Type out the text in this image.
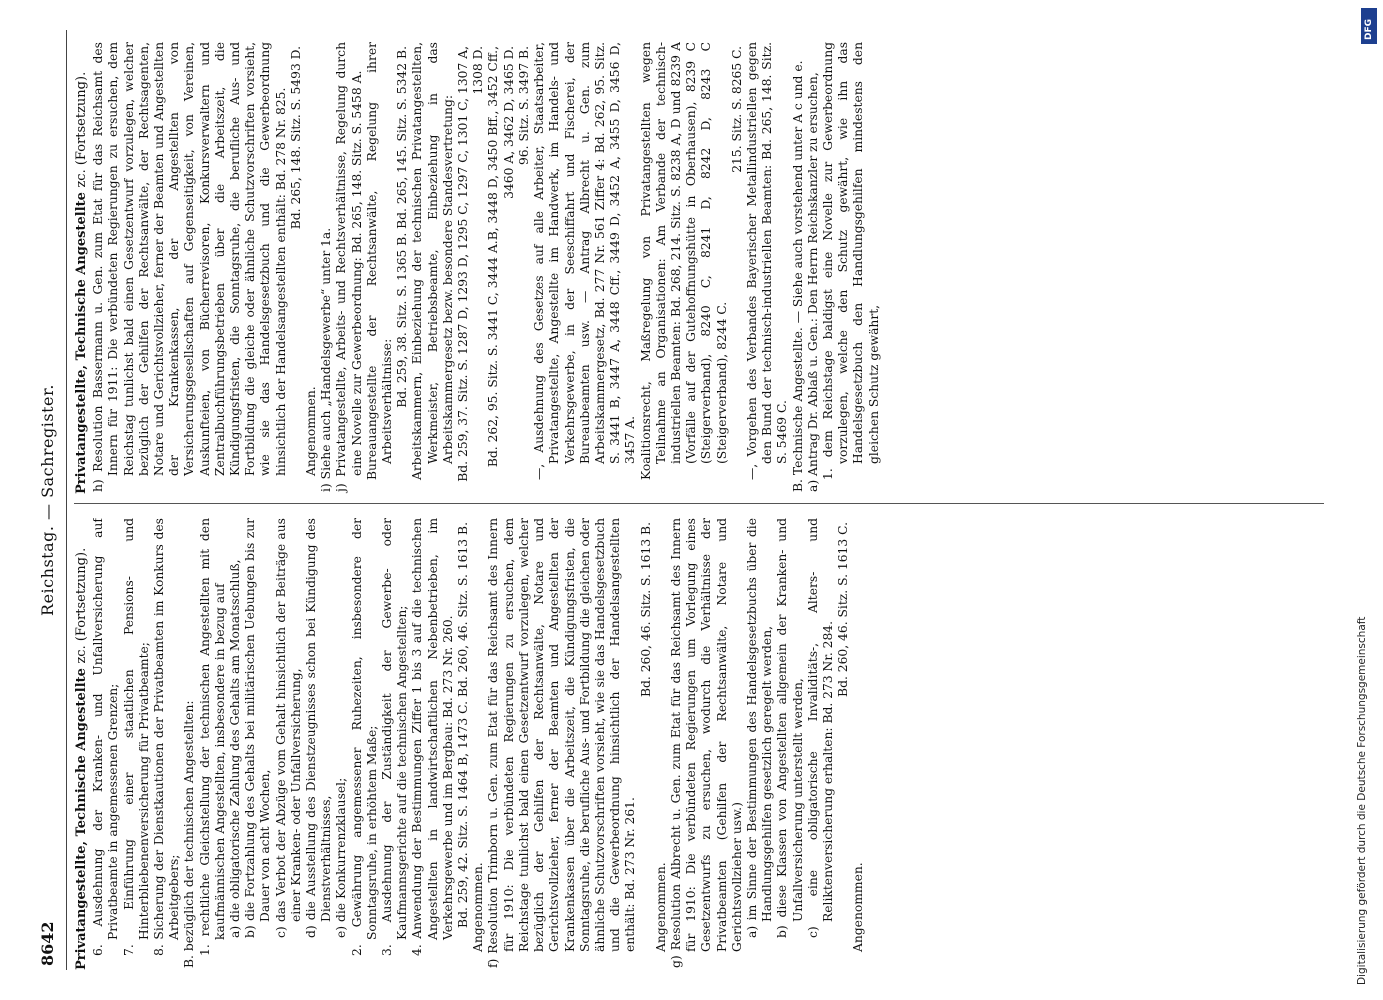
8642
Reichstag. — Sachregister.

Privatangestellte, Technische Angestellte zc. (Fortsetzung). 6. Ausdehnung der Kranken- und Unfallversicherung auf Privatbeamte in angemessenen Grenzen; 7. Einführung einer staatlichen Pensions- und Hinterbliebenenversicherung für Privatbeamte; 8. Sicherung der Dienstkautionen der Privatbeamten im Konkurs des Arbeitgebers; B. bezüglich der technischen Angestellten: 1. rechtliche Gleichstellung der technischen Angestellten mit den kaufmännischen Angestellten, insbesondere in bezug auf a) die obligatorische Zahlung des Gehalts am Monatsschluß, b) die Fortzahlung des Gehalts bei militärischen Uebungen bis zur Dauer von acht Wochen, c) das Verbot der Abzüge vom Gehalt hinsichtlich der Beiträge aus einer Kranken- oder Unfallversicherung, d) die Ausstellung des Dienstzeugnisses schon bei Kündigung des Dienstverhältnisses, e) die Konkurrenzklausel; 2. Gewährung angemessener Ruhezeiten, insbesondere der Sonntagsruhe, in erhöhtem Maße; 3. Ausdehnung der Zuständigkeit der Gewerbe- oder Kaufmannsgerichte auf die technischen Angestellten; 4. Anwendung der Bestimmungen Ziffer 1 bis 3 auf die technischen Angestellten in landwirtschaftlichen Nebenbetrieben, im Verkehrsgewerbe und im Bergbau: Bd. 273 Nr. 260. Bd. 259, 42. Sitz. S. 1464 B, 1473 C. Bd. 260, 46. Sitz. S. 1613 B. Angenommen. f) Resolution Trimborn u. Gen. zum Etat für das Reichsamt des Innern für 1910: Die verbündeten Regierungen zu ersuchen, dem Reichstage tunlichst bald einen Gesetzentwurf vorzulegen, welcher bezüglich der Gehilfen der Rechtsanwälte, Notare und Gerichtsvollzieher, ferner der Beamten und Angestellten der Krankenkassen über die Arbeitszeit, die Kündigungsfristen, die Sonntagsruhe, die berufliche Aus- und Fortbildung die gleichen oder ähnliche Schutzvorschriften vorsieht, wie sie das Handelsgesetzbuch und die Gewerbeordnung hinsichtlich der Handelsangestellten enthält: Bd. 273 Nr. 261.

Bd. 260, 46. Sitz. S. 1613 B.

Angenommen. g) Resolution Albrecht u. Gen. zum Etat für das Reichsamt des Innern für 1910: Die verbündeten Regierungen um Vorlegung eines Gesetzentwurfs zu ersuchen, wodurch die Verhältnisse der Privatbeamten (Gehilfen der Rechtsanwälte, Notare und Gerichtsvollzieher usw.) a) im Sinne der Bestimmungen des Handelsgesetzbuchs über die Handlungsgehilfen gesetzlich geregelt werden, b) diese Klassen von Angestellten allgemein der Kranken- und Unfallversicherung unterstellt werden, c) eine obligatorische Invaliditäts-, Alters- und Reliktenversicherung erhalten: Bd. 273 Nr. 284.

Bd. 260, 46. Sitz. S. 1613 C.

Angenommen.

Privatangestellte, Technische Angestellte zc. (Fortsetzung). h) Resolution Bassermann u. Gen. zum Etat für das Reichsamt des Innern für 1911: Die verbündeten Regierungen zu ersuchen, dem Reichstag tunlichst bald einen Gesetzentwurf vorzulegen, welcher bezüglich der Gehilfen der Rechtsanwälte, der Rechtsagenten, Notare und Gerichtsvollzieher, ferner der Beamten und Angestellten der Krankenkassen, der Angestellten von Versicherungsgesellschaften auf Gegenseitigkeit, von Vereinen, Auskunfteien, von Bücherrevisoren, Konkursverwaltern und Zentralbuchführungsbetrieben über die Arbeitszeit, die Kündigungsfristen, die Sonntagsruhe, die berufliche Aus- und Fortbildung die gleiche oder ähnliche Schutzvorschriften vorsieht, wie sie das Handelsgesetzbuch und die Gewerbeordnung hinsichtlich der Handelsangestellten enthält: Bd. 278 Nr. 825. Bd. 265, 148. Sitz. S. 5493 D.

Angenommen. i) Siehe auch „Handelsgewerbe“ unter 1a. j) Privatangestellte, Arbeits- und Rechtsverhältnisse, Regelung durch eine Novelle zur Gewerbeordnung: Bd. 265, 148. Sitz. S. 5458 A. Bureauangestellte der Rechtsanwälte, Regelung ihrer Arbeitsverhältnisse: Bd. 259, 38. Sitz. S. 1365 B. Bd. 265, 145. Sitz. S. 5342 B. Arbeitskammern, Einbeziehung der technischen Privatangestellten, Werkmeister, Betriebsbeamte, Einbeziehung in das Arbeitskammergesetz bezw. besondere Standesvertretung: Bd. 259, 37. Sitz. S. 1287 D, 1293 D, 1295 C, 1297 C, 1301 C, 1307 A, 1308 D. Bd. 262, 95. Sitz. S. 3441 C, 3444 A.B, 3448 D, 3450 Bff., 3452 Cff., 3460 A, 3462 D, 3465 D. 96. Sitz. S. 3497 B. —, Ausdehnung des Gesetzes auf alle Arbeiter, Staatsarbeiter, Privatangestellte, Angestellte im Handwerk, im Handels- und Verkehrsgewerbe, in der Seeschiffahrt und Fischerei, der Bureaubeamten usw. — Antrag Albrecht u. Gen. zum Arbeitskammergesetz, Bd. 277 Nr. 561 Ziffer 4: Bd. 262, 95. Sitz. S. 3441 B, 3447 A, 3448 Cff., 3449 D, 3452 A, 3455 D, 3456 D, 3457 A. Koalitionsrecht, Maßregelung von Privatangestellten wegen Teilnahme an Organisationen: Am Verbande der technisch-industriellen Beamten: Bd. 268, 214. Sitz. S. 8238 A, D und 8239 A (Vorfälle auf der Gutehoffnungshütte in Oberhausen), 8239 C (Steigerverband), 8240 C, 8241 D, 8242 D, 8243 C (Steigerverband), 8244 C.

215. Sitz. S. 8265 C. —, Vorgehen des Verbandes Bayerischer Metallindustriellen gegen den Bund der technisch-industriellen Beamten: Bd. 265, 148. Sitz. S. 5469 C. B. Technische Angestellte. — Siehe auch vorstehend unter A c und e. a) Antrag Dr. Ablaß u. Gen.: Den Herrn Reichskanzler zu ersuchen, 1. dem Reichstage baldigst eine Novelle zur Gewerbeordnung vorzulegen, welche den Schutz gewährt, wie ihn das Handelsgesetzbuch den Handlungsgehilfen mindestens den gleichen Schutz gewährt,

Digitalisierung gefördert durch die Deutsche Forschungsgemeinschaft
DFG
